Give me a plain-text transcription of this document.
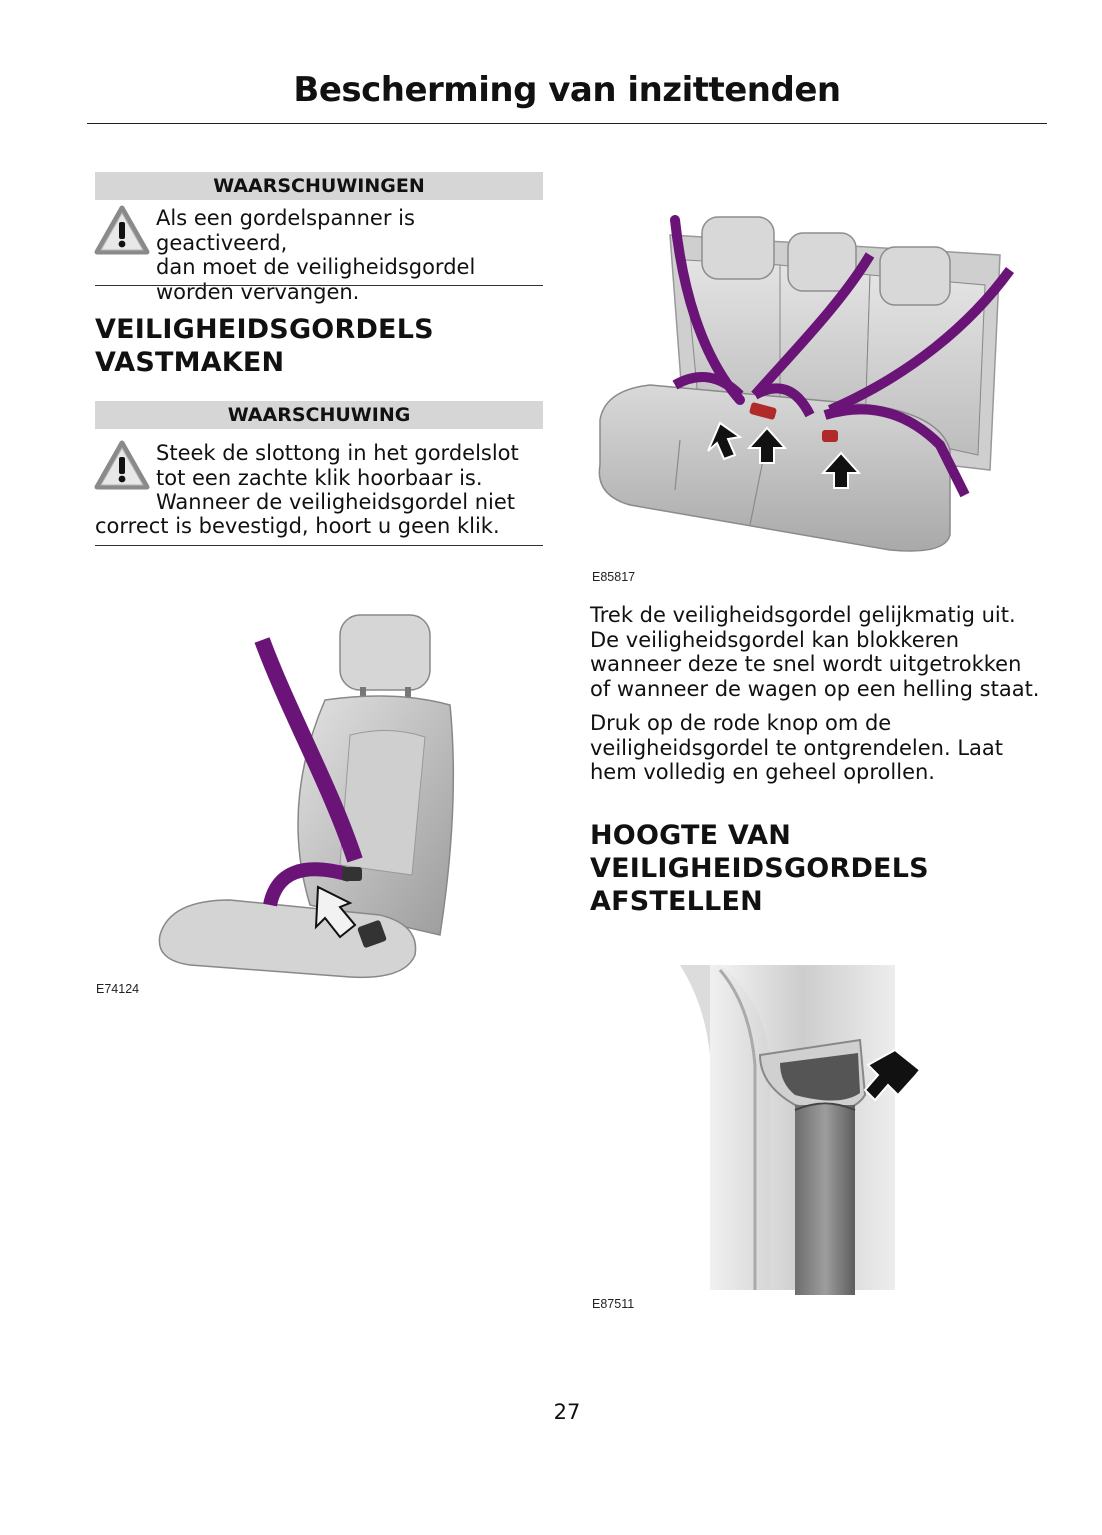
Bescherming van inzittenden
WAARSCHUWINGEN
Als een gordelspanner is geactiveerd,
dan moet de veiligheidsgordel
worden vervangen.
VEILIGHEIDSGORDELS
VASTMAKEN
WAARSCHUWING
Steek de slottong in het gordelslot
tot een zachte klik hoorbaar is.
Wanneer de veiligheidsgordel niet
correct is bevestigd, hoort u geen klik.
E85817
Trek de veiligheidsgordel gelijkmatig uit.
De veiligheidsgordel kan blokkeren
wanneer deze te snel wordt uitgetrokken
of wanneer de wagen op een helling staat.
Druk op de rode knop om de
veiligheidsgordel te ontgrendelen. Laat
hem volledig en geheel oprollen.
HOOGTE VAN
VEILIGHEIDSGORDELS
AFSTELLEN
E74124
E87511
27
